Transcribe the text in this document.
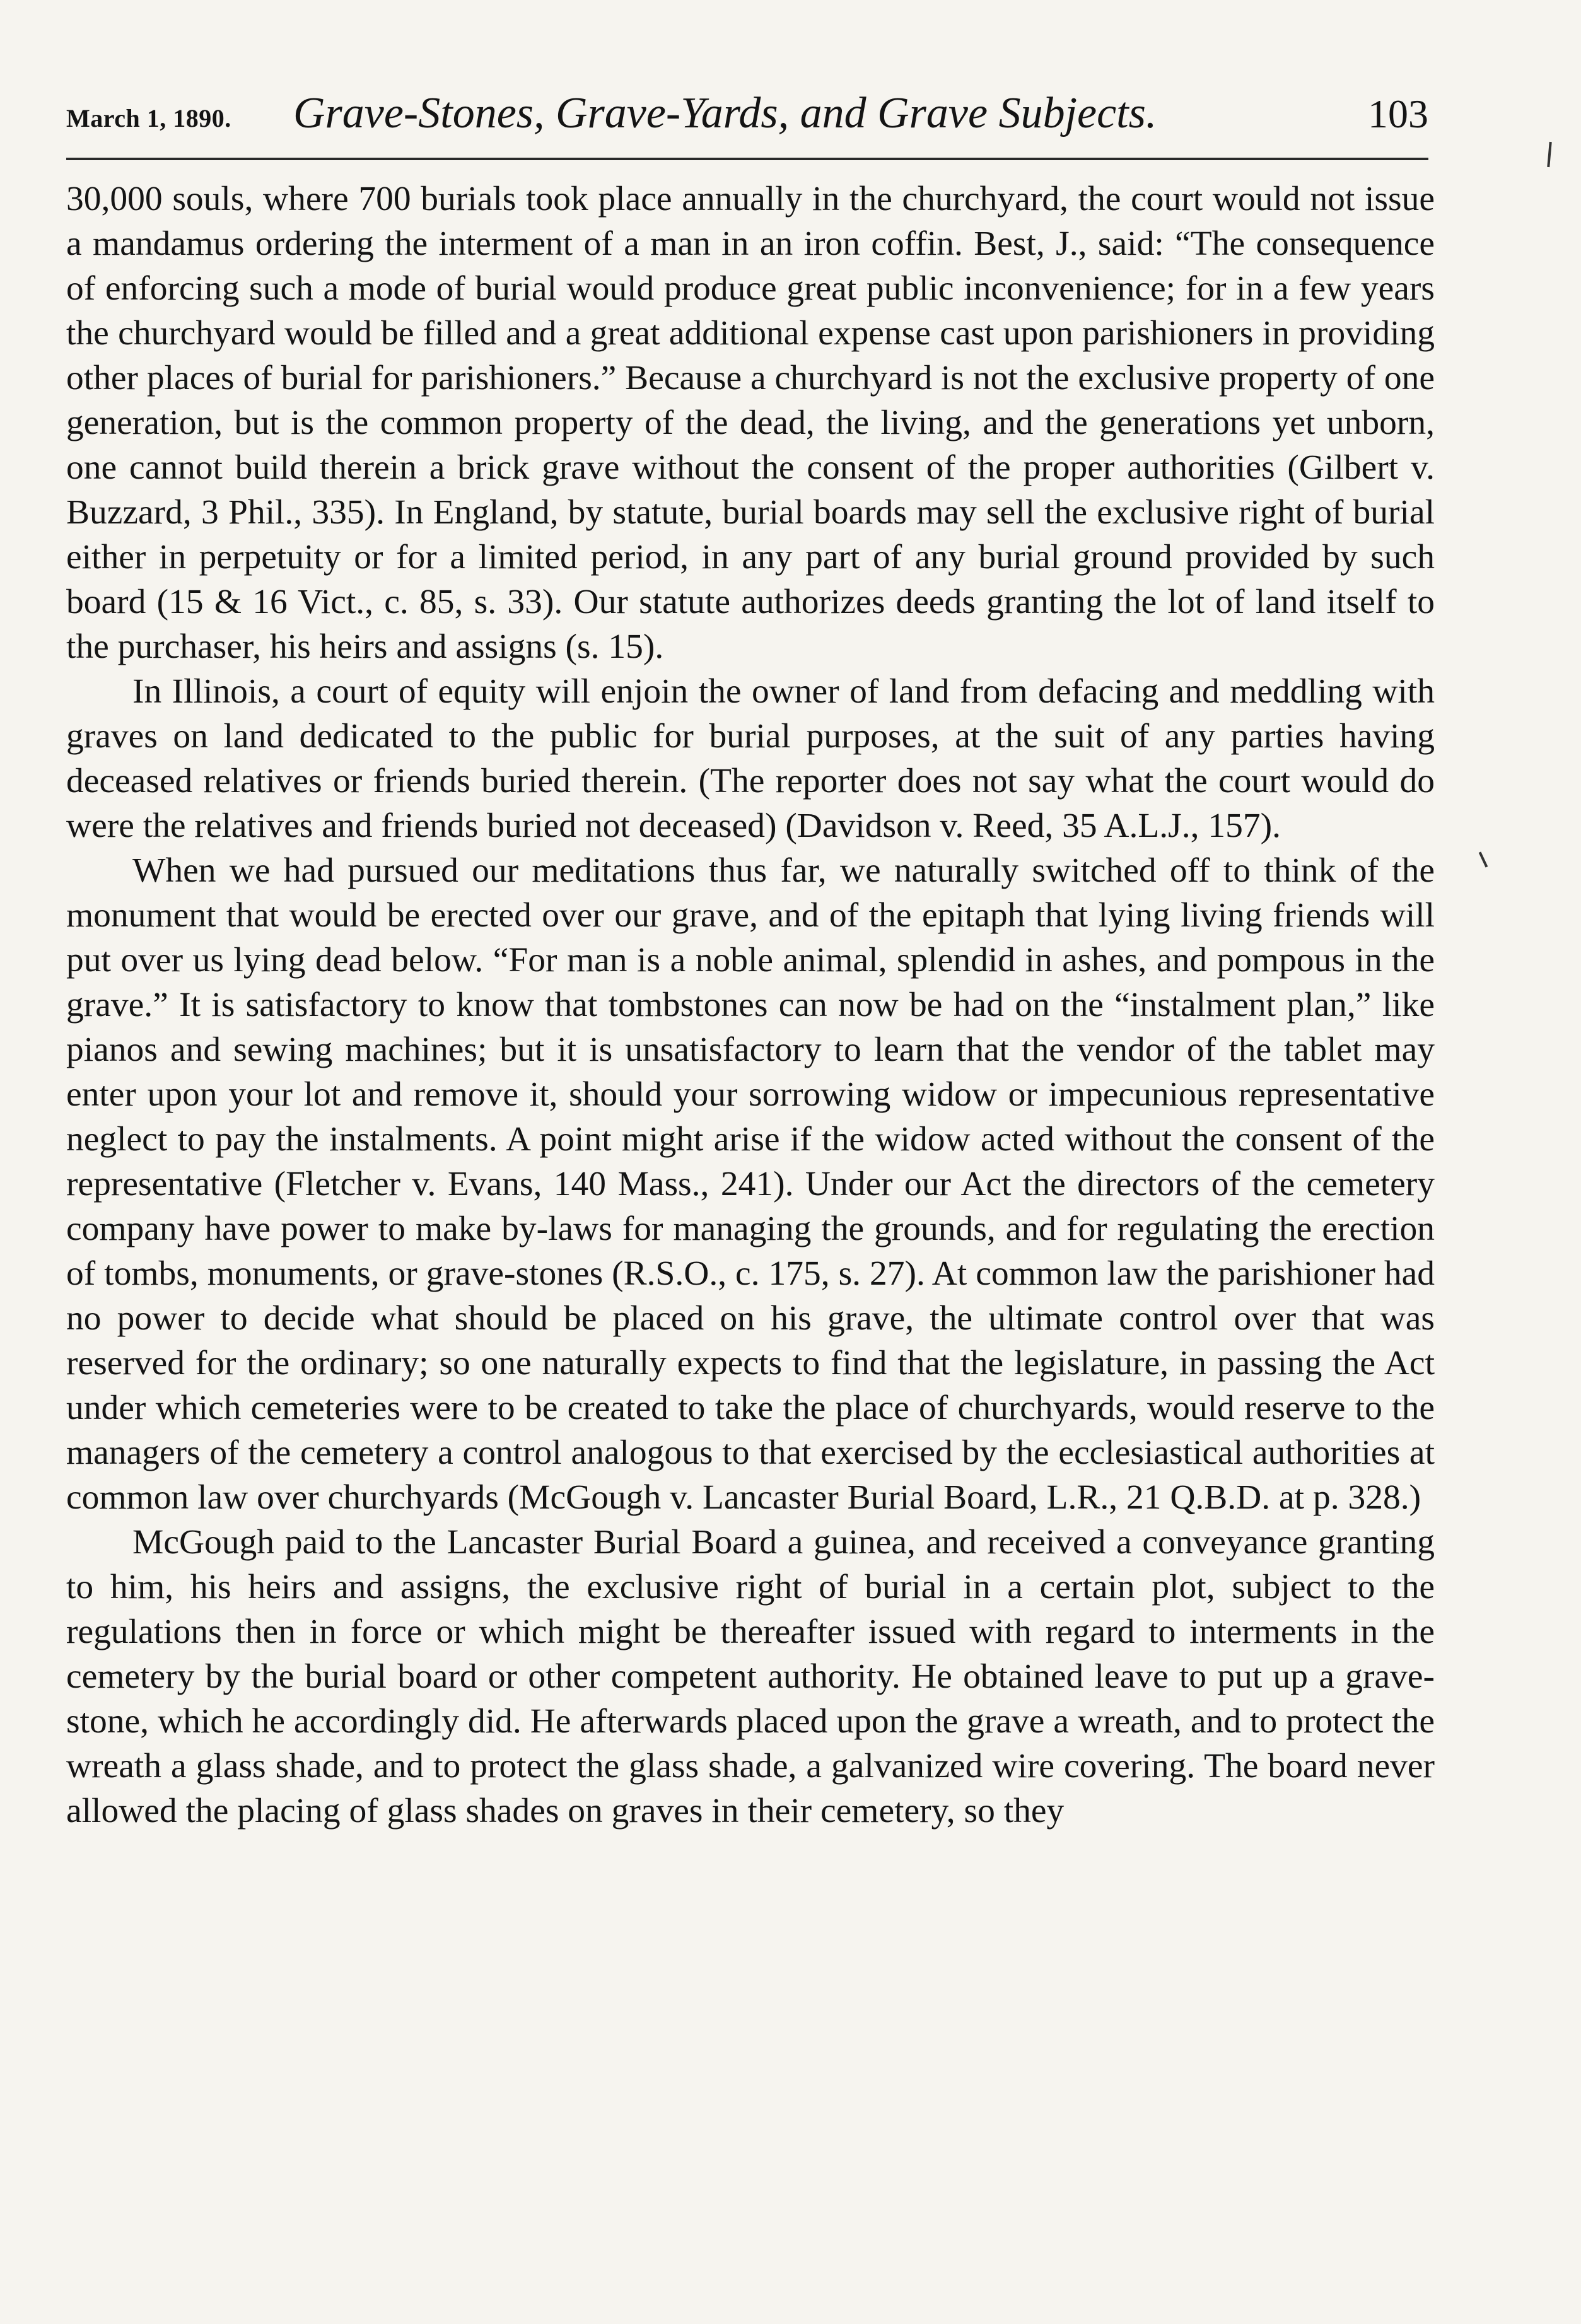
March 1, 1890. Grave-Stones, Grave-Yards, and Grave Subjects.	103

30,000 souls, where 700 burials took place annually in the churchyard, the court would not issue a mandamus ordering the interment of a man in an iron coffin. Best, J., said: “The consequence of enforcing such a mode of burial would produce great public inconvenience; for in a few years the churchyard would be filled and a great additional expense cast upon parishioners in providing other places of burial for parishioners.” Because a churchyard is not the exclusive property of one generation, but is the common property of the dead, the living, and the generations yet unborn, one cannot build therein a brick grave without the consent of the proper authorities (Gilbert v. Buzzard, 3 Phil., 335). In England, by statute, burial boards may sell the exclusive right of burial either in perpetuity or for a limited period, in any part of any burial ground provided by such board (15 & 16 Vict., c. 85, s. 33). Our statute authorizes deeds granting the lot of land itself to the purchaser, his heirs and assigns (s. 15).

In Illinois, a court of equity will enjoin the owner of land from defacing and meddling with graves on land dedicated to the public for burial purposes, at the suit of any parties having deceased relatives or friends buried therein. (The reporter does not say what the court would do were the relatives and friends buried not deceased) (Davidson v. Reed, 35 A.L.J., 157).

When we had pursued our meditations thus far, we naturally switched off to think of the monument that would be erected over our grave, and of the epitaph that lying living friends will put over us lying dead below. “For man is a noble animal, splendid in ashes, and pompous in the grave.” It is satisfactory to know that tombstones can now be had on the “instalment plan,” like pianos and sewing machines; but it is unsatisfactory to learn that the vendor of the tablet may enter upon your lot and remove it, should your sorrowing widow or impecunious representative neglect to pay the instalments. A point might arise if the widow acted without the consent of the representative (Fletcher v. Evans, 140 Mass., 241). Under our Act the directors of the cemetery company have power to make by-laws for managing the grounds, and for regulating the erection of tombs, monuments, or grave-stones (R.S.O., c. 175, s. 27). At common law the parishioner had no power to decide what should be placed on his grave, the ultimate control over that was reserved for the ordinary; so one naturally expects to find that the legislature, in passing the Act under which cemeteries were to be created to take the place of churchyards, would reserve to the managers of the cemetery a control analogous to that exercised by the ecclesiastical authorities at common law over churchyards (McGough v. Lancaster Burial Board, L.R., 21 Q.B.D. at p. 328.)

McGough paid to the Lancaster Burial Board a guinea, and received a conveyance granting to him, his heirs and assigns, the exclusive right of burial in a certain plot, subject to the regulations then in force or which might be thereafter issued with regard to interments in the cemetery by the burial board or other competent authority. He obtained leave to put up a grave-stone, which he accordingly did. He afterwards placed upon the grave a wreath, and to protect the wreath a glass shade, and to protect the glass shade, a galvanized wire covering. The board never allowed the placing of glass shades on graves in their cemetery, so they
